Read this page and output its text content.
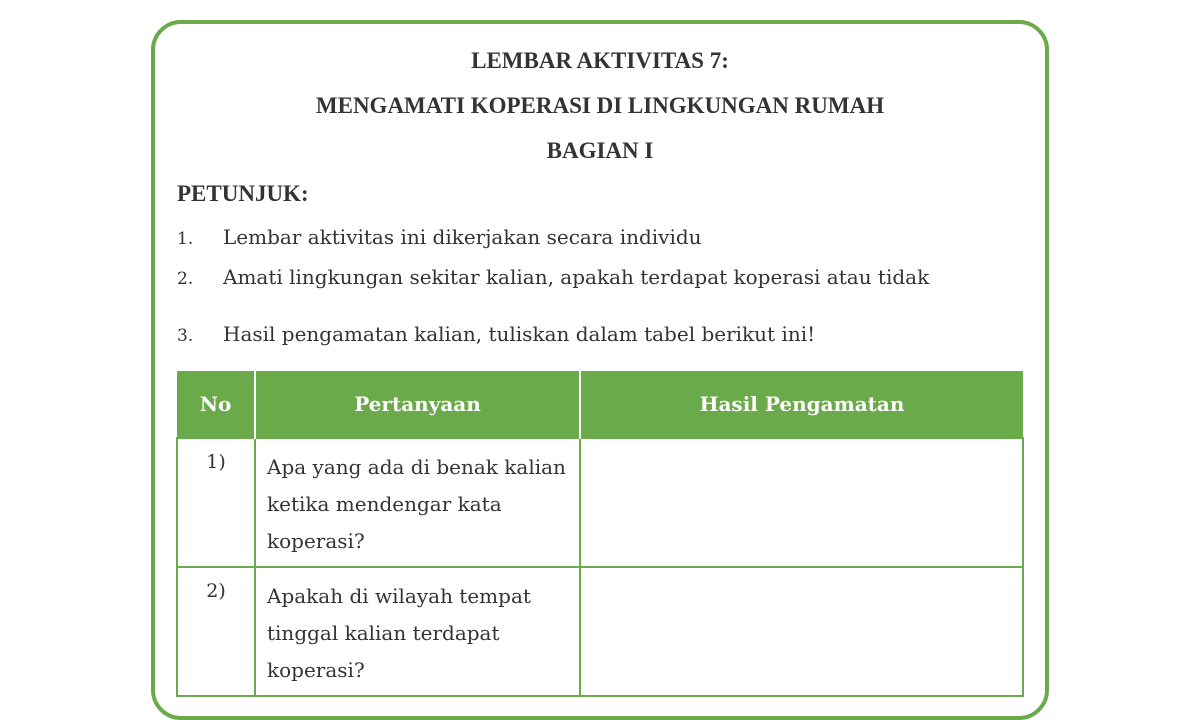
LEMBAR AKTIVITAS 7:
MENGAMATI KOPERASI DI LINGKUNGAN RUMAH
BAGIAN I
PETUNJUK:
1. Lembar aktivitas ini dikerjakan secara individu
2. Amati lingkungan sekitar kalian, apakah terdapat koperasi atau tidak
3. Hasil pengamatan kalian, tuliskan dalam tabel berikut ini!
No	Pertanyaan	Hasil Pengamatan
1)	Apa yang ada di benak kalian ketika mendengar kata koperasi?	
2)	Apakah di wilayah tempat tinggal kalian terdapat koperasi?	
